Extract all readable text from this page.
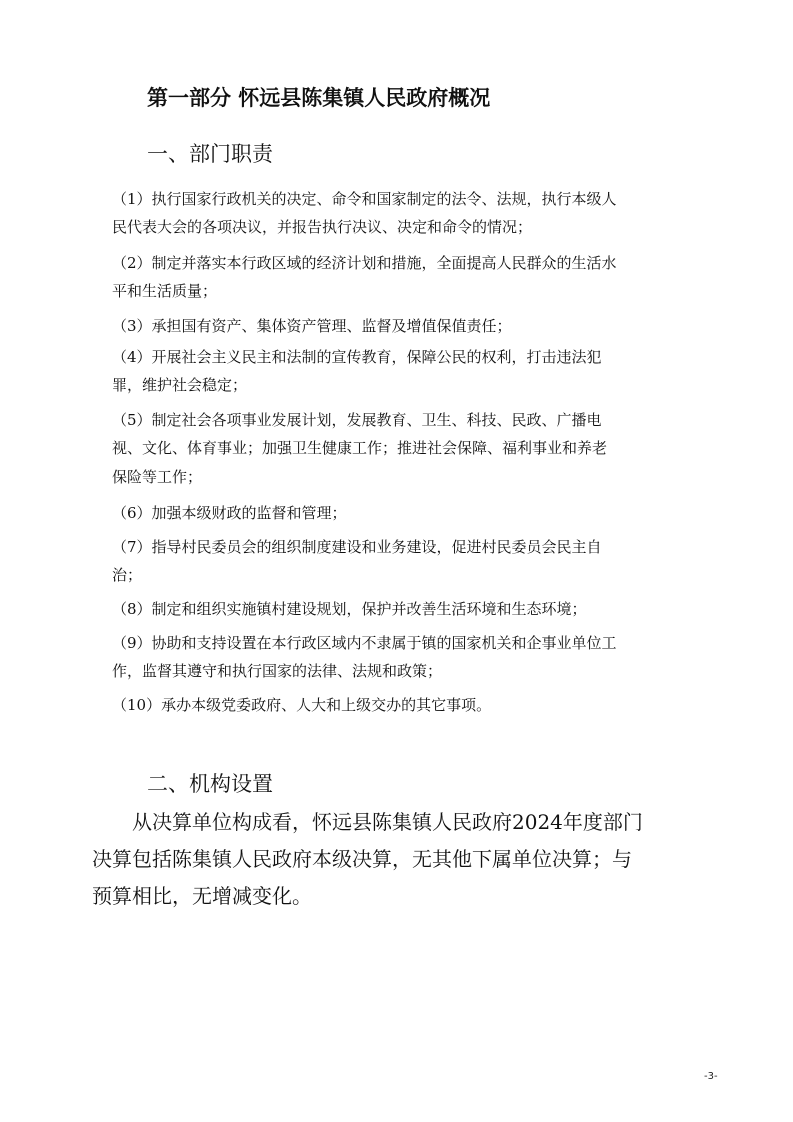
第一部分 怀远县陈集镇人民政府概况
一、部门职责

（1）执行国家行政机关的决定、命令和国家制定的法令、法规，执行本级人

民代表大会的各项决议，并报告执行决议、决定和命令的情况；

（2）制定并落实本行政区域的经济计划和措施，全面提高人民群众的生活水

平和生活质量；

（3）承担国有资产、集体资产管理、监督及增值保值责任；

（4）开展社会主义民主和法制的宣传教育，保障公民的权利，打击违法犯

罪，维护社会稳定；

（5）制定社会各项事业发展计划，发展教育、卫生、科技、民政、广播电

视、文化、体育事业；加强卫生健康工作；推进社会保障、福利事业和养老

保险等工作；

（6）加强本级财政的监督和管理；

（7）指导村民委员会的组织制度建设和业务建设，促进村民委员会民主自

治；

（8）制定和组织实施镇村建设规划，保护并改善生活环境和生态环境；

（9）协助和支持设置在本行政区域内不隶属于镇的国家机关和企事业单位工

作，监督其遵守和执行国家的法律、法规和政策；

（10）承办本级党委政府、人大和上级交办的其它事项。

二、机构设置

　　从决算单位构成看，怀远县陈集镇人民政府2024年度部门
决算包括陈集镇人民政府本级决算，无其他下属单位决算；与
预算相比，无增减变化。

-3-
